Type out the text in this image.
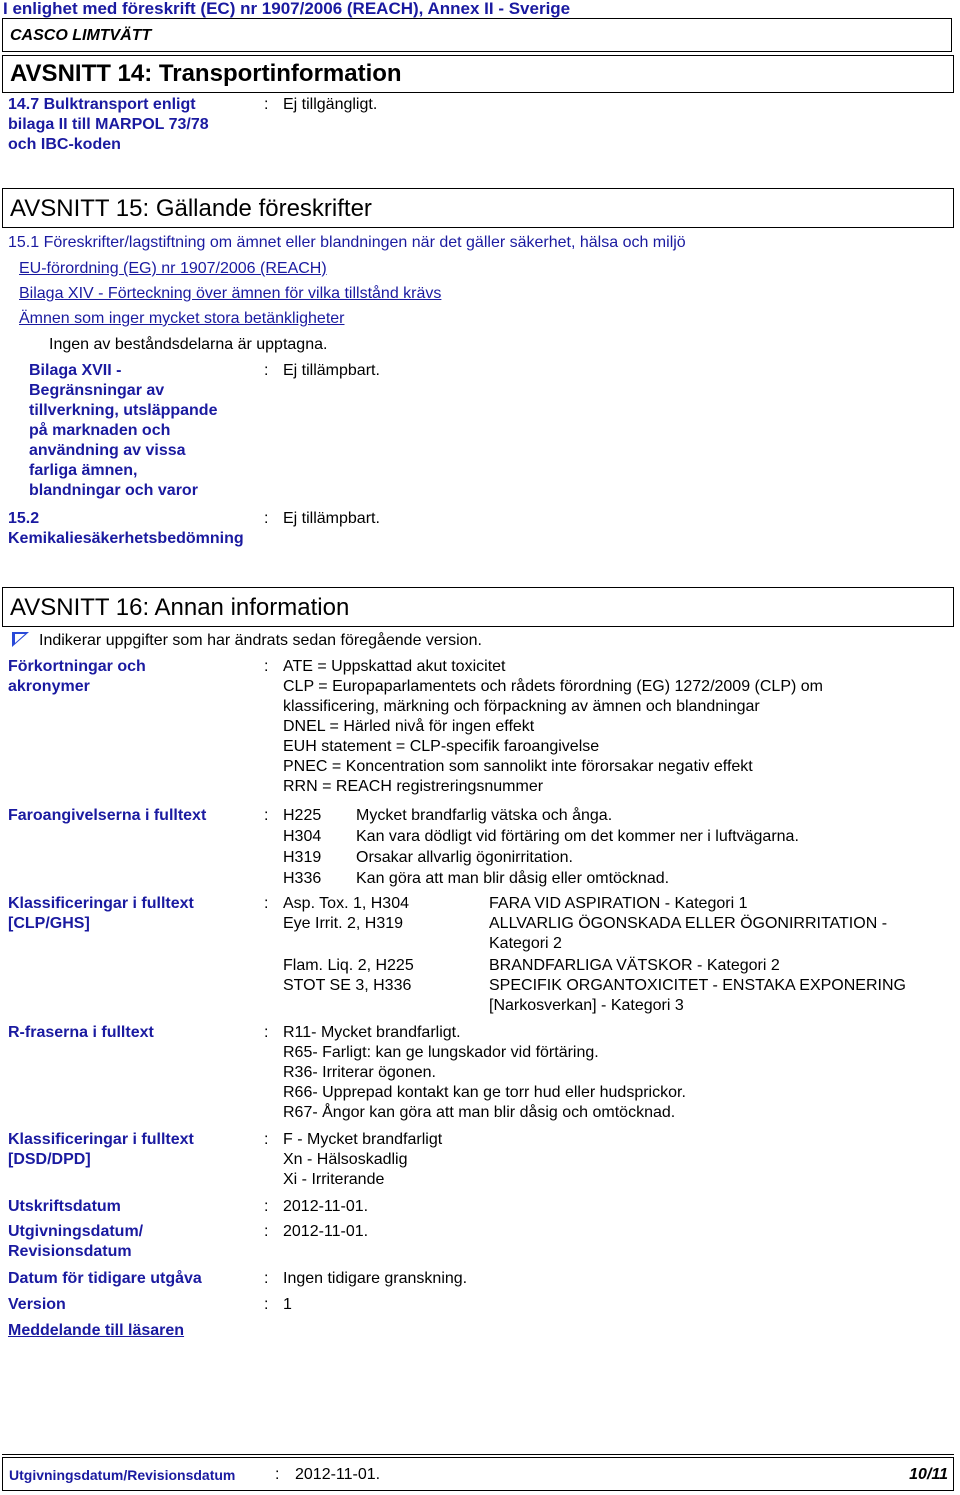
I enlighet med föreskrift (EC) nr 1907/2006 (REACH), Annex II - Sverige
CASCO LIMTVÄTT
AVSNITT 14: Transportinformation
14.7 Bulktransport enligt
bilaga II till MARPOL 73/78
och IBC-koden
: Ej tillgängligt.
AVSNITT 15: Gällande föreskrifter
15.1 Föreskrifter/lagstiftning om ämnet eller blandningen när det gäller säkerhet, hälsa och miljö
EU-förordning (EG) nr 1907/2006 (REACH)
Bilaga XIV - Förteckning över ämnen för vilka tillstånd krävs
Ämnen som inger mycket stora betänkligheter
Ingen av beståndsdelarna är upptagna.
Bilaga XVII -
Begränsningar av
tillverkning, utsläppande
på marknaden och
användning av vissa
farliga ämnen,
blandningar och varor
: Ej tillämpbart.
15.2
Kemikaliesäkerhetsbedömning
: Ej tillämpbart.
AVSNITT 16: Annan information
Indikerar uppgifter som har ändrats sedan föregående version.
Förkortningar och
akronymer
: ATE = Uppskattad akut toxicitet
CLP = Europaparlamentets och rådets förordning (EG) 1272/2009 (CLP) om
klassificering, märkning och förpackning av ämnen och blandningar
DNEL = Härled nivå för ingen effekt
EUH statement = CLP-specifik faroangivelse
PNEC = Koncentration som sannolikt inte förorsakar negativ effekt
RRN = REACH registreringsnummer
Faroangivelserna i fulltext	: H225	Mycket brandfarlig vätska och ånga.
H304	Kan vara dödligt vid förtäring om det kommer ner i luftvägarna.
H319	Orsakar allvarlig ögonirritation.
H336	Kan göra att man blir dåsig eller omtöcknad.
Klassificeringar i fulltext
[CLP/GHS]
: Asp. Tox. 1, H304	FARA VID ASPIRATION - Kategori 1
Eye Irrit. 2, H319	ALLVARLIG ÖGONSKADA ELLER ÖGONIRRITATION -
Kategori 2
Flam. Liq. 2, H225	BRANDFARLIGA VÄTSKOR - Kategori 2
STOT SE 3, H336	SPECIFIK ORGANTOXICITET - ENSTAKA EXPONERING
[Narkosverkan] - Kategori 3
R-fraserna i fulltext	: R11- Mycket brandfarligt.
R65- Farligt: kan ge lungskador vid förtäring.
R36- Irriterar ögonen.
R66- Upprepad kontakt kan ge torr hud eller hudsprickor.
R67- Ångor kan göra att man blir dåsig och omtöcknad.
Klassificeringar i fulltext
[DSD/DPD]
: F - Mycket brandfarligt
Xn - Hälsoskadlig
Xi - Irriterande
Utskriftsdatum	: 2012-11-01.
Utgivningsdatum/
Revisionsdatum
: 2012-11-01.
Datum för tidigare utgåva	: Ingen tidigare granskning.
Version	: 1
Meddelande till läsaren
Utgivningsdatum/Revisionsdatum : 2012-11-01.	10/11
